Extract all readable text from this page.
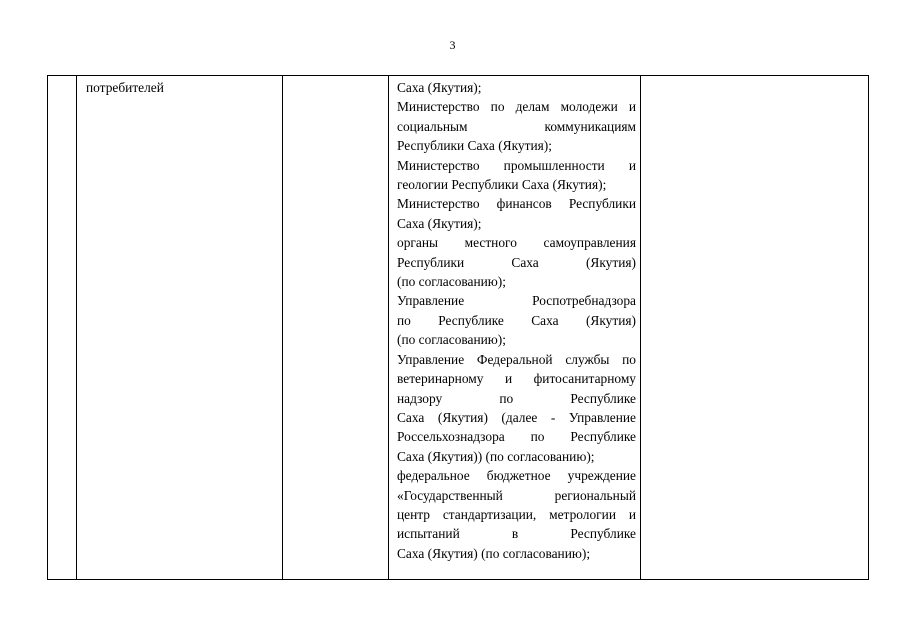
3
потребителей	Саха (Якутия);
Министерство по делам молодежи и
социальным коммуникациям
Республики Саха (Якутия);
Министерство промышленности и
геологии Республики Саха (Якутия);
Министерство финансов Республики
Саха (Якутия);
органы местного самоуправления
Республики Саха (Якутия)
(по согласованию);
Управление Роспотребнадзора
по Республике Саха (Якутия)
(по согласованию);
Управление Федеральной службы по
ветеринарному и фитосанитарному
надзору по Республике
Саха (Якутия) (далее - Управление
Россельхознадзора по Республике
Саха (Якутия)) (по согласованию);
федеральное бюджетное учреждение
«Государственный региональный
центр стандартизации, метрологии и
испытаний в Республике
Саха (Якутия) (по согласованию);
